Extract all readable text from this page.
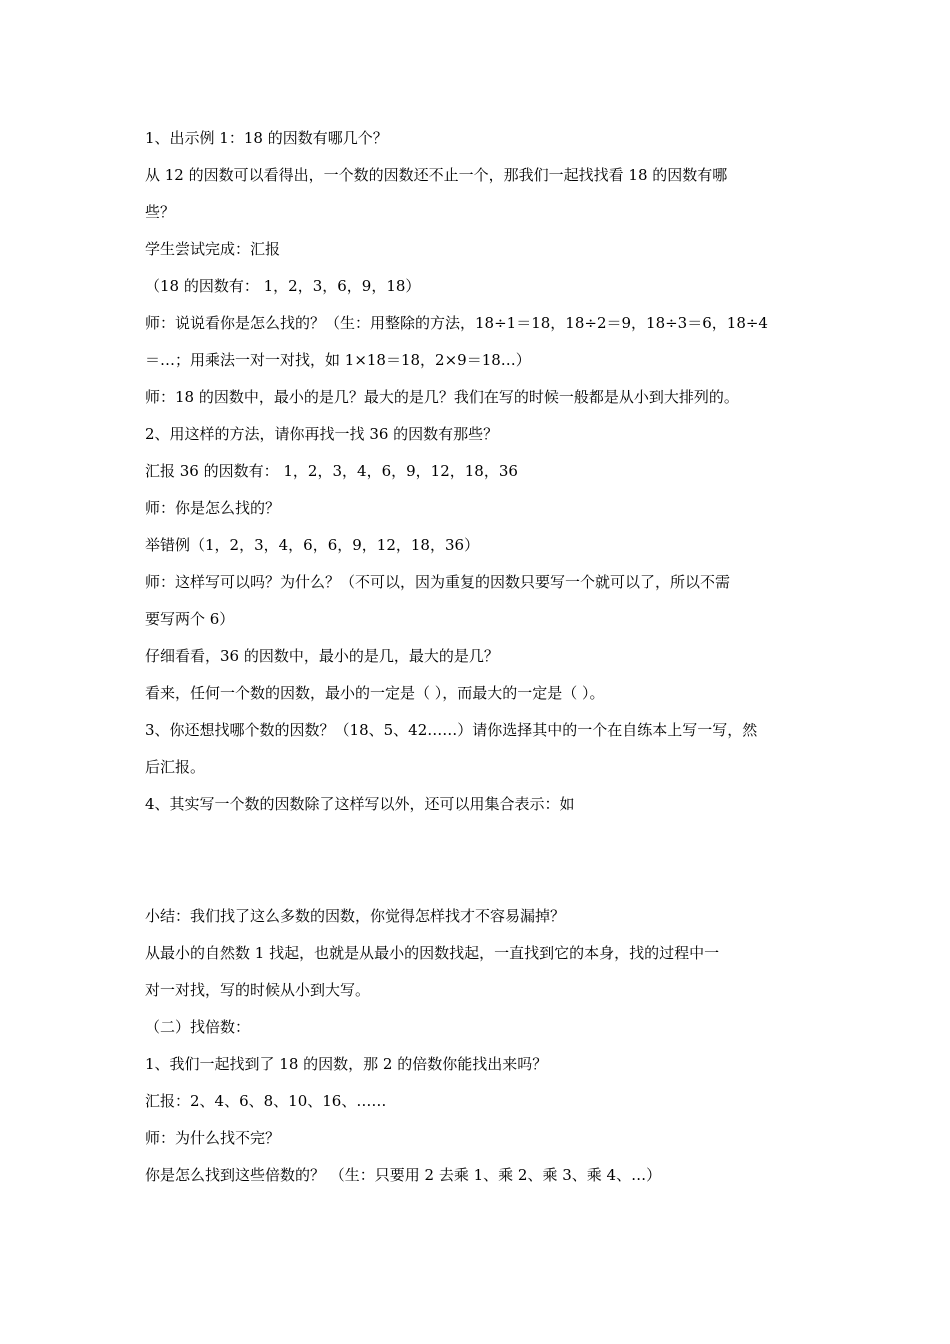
1、出示例 1：18 的因数有哪几个？
从 12 的因数可以看得出，一个数的因数还不止一个，那我们一起找找看 18 的因数有哪
些？
学生尝试完成：汇报
（18 的因数有： 1，2，3，6，9，18）
师：说说看你是怎么找的？（生：用整除的方法，18÷1＝18，18÷2＝9，18÷3＝6，18÷4
＝…；用乘法一对一对找，如 1×18＝18，2×9＝18…）
师：18 的因数中，最小的是几？最大的是几？我们在写的时候一般都是从小到大排列的。
2、用这样的方法，请你再找一找 36 的因数有那些？
汇报 36 的因数有： 1，2，3，4，6，9，12，18，36
师：你是怎么找的？
举错例（1，2，3，4，6，6，9，12，18，36）
师：这样写可以吗？为什么？（不可以，因为重复的因数只要写一个就可以了，所以不需
要写两个 6）
仔细看看，36 的因数中，最小的是几，最大的是几？
看来，任何一个数的因数，最小的一定是（ ），而最大的一定是（ ）。
3、你还想找哪个数的因数？（18、5、42……）请你选择其中的一个在自练本上写一写，然
后汇报。
4、其实写一个数的因数除了这样写以外，还可以用集合表示：如
小结：我们找了这么多数的因数，你觉得怎样找才不容易漏掉？
从最小的自然数 1 找起，也就是从最小的因数找起，一直找到它的本身，找的过程中一
对一对找，写的时候从小到大写。
（二）找倍数：
1、我们一起找到了 18 的因数，那 2 的倍数你能找出来吗？
汇报：2、4、6、8、10、16、……
师：为什么找不完？
你是怎么找到这些倍数的？ （生：只要用 2 去乘 1、乘 2、乘 3、乘 4、…）
